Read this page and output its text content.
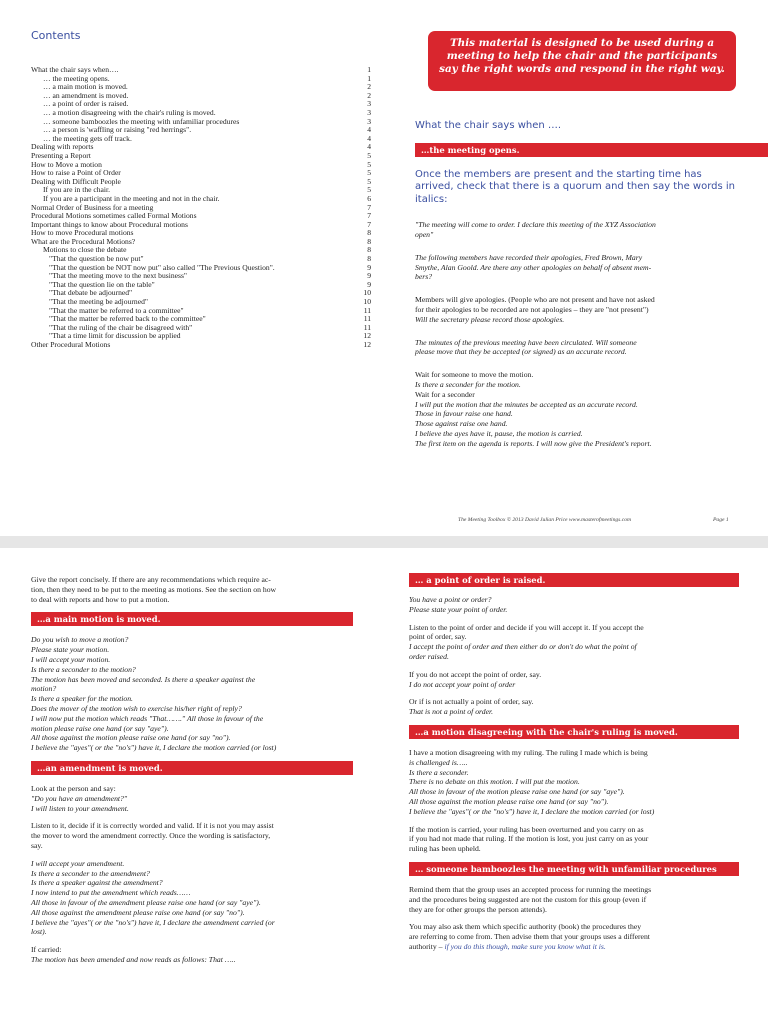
Contents
What the chair says when….	1
… the meeting opens.	1
… a main motion is moved.	2
… an amendment is moved.	2
… a point of order is raised.	3
… a motion disagreeing with the chair's ruling is moved.	3
… someone bamboozles the meeting with unfamiliar procedures	3
… a person is 'waffling or raising "red herrings".	4
… the meeting gets off track.	4
Dealing with reports	4
Presenting a Report	5
How to Move a motion	5
How to raise a Point of Order	5
Dealing with Difficult People	5
If you are in the chair.	5
If you are a participant in the meeting and not in the chair.	6
Normal Order of Business for a meeting	7
Procedural Motions sometimes called Formal Motions	7
Important things to know about Procedural motions	7
How to move Procedural motions	8
What are the Procedural Motions?	8
Motions to close the debate	8
"That the question be now put"	8
"That the question be NOT now put" also called "The Previous Question".	9
"That the meeting move to the next business"	9
"That the question lie on the table"	9
"That debate be adjourned"	10
"That the meeting be adjourned"	10
"That the matter be referred to a committee"	11
"That the matter be referred back to the committee"	11
"That the ruling of the chair be disagreed with"	11
"That a time limit for discussion be applied	12
Other Procedural Motions	12
This material is designed to be used during a meeting to help the chair and the participants say the right words and respond in the right way.
What the chair says when ….
…the meeting opens.
Once the members are present and the starting time has arrived, check that there is a quorum and then say the words in italics:

"The meeting will come to order. I declare this meeting of the XYZ Association
open"

The following members have recorded their apologies, Fred Brown, Mary
Smythe, Alan Goold. Are there any other apologies on behalf of absent mem-
bers?

Members will give apologies. (People who are not present and have not asked
for their apologies to be recorded are not apologies – they are "not present")
Will the secretary please record those apologies.

The minutes of the previous meeting have been circulated. Will someone
please move that they be accepted (or signed) as an accurate record.

Wait for someone to move the motion.
Is there a seconder for the motion.
Wait for a seconder
I will put the motion that the minutes be accepted as an accurate record.
Those in favour raise one hand.
Those against raise one hand.
I believe the ayes have it, pause, the motion is carried.
The first item on the agenda is reports. I will now give the President's report.

The Meeting Toolbox © 2013 David Julian Price www.masterofmeetings.com	Page 1

Give the report concisely. If there are any recommendations which require ac-
tion, then they need to be put to the meeting as motions. See the section on how
to deal with reports and how to put a motion.

…a main motion is moved.

Do you wish to move a motion?
Please state your motion.
I will accept your motion.
Is there a seconder to the motion?
The motion has been moved and seconded. Is there a speaker against the
motion?
Is there a speaker for the motion.
Does the mover of the motion wish to exercise his/her right of reply?
I will now put the motion which reads "That……." All those in favour of the
motion please raise one hand (or say "aye").
All those against the motion please raise one hand (or say "no").
I believe the "ayes"( or the "no's") have it, I declare the motion carried (or lost)

…an amendment is moved.

Look at the person and say:
"Do you have an amendment?"
I will listen to your amendment.

Listen to it, decide if it is correctly worded and valid. If it is not you may assist
the mover to word the amendment correctly. Once the wording is satisfactory,
say.

I will accept your amendment.
Is there a seconder to the amendment?
Is there a speaker against the amendment?
I now intend to put the amendment which reads……
All those in favour of the amendment please raise one hand (or say "aye").
All those against the amendment please raise one hand (or say "no").
I believe the "ayes"( or the "no's") have it, I declare the amendment carried (or
lost).

If carried:
The motion has been amended and now reads as follows: That …..

… a point of order is raised.

You have a point or order?
Please state your point of order.

Listen to the point of order and decide if you will accept it. If you accept the
point of order, say.
I accept the point of order and then either do or don't do what the point of
order raised.

If you do not accept the point of order, say.
I do not accept your point of order

Or if is not actually a point of order, say.
That is not a point of order.

…a motion disagreeing with the chair's ruling is moved.

I have a motion disagreeing with my ruling. The ruling I made which is being
is challenged is…..
Is there a seconder.
There is no debate on this motion. I will put the motion.
All those in favour of the motion please raise one hand (or say "aye").
All those against the motion please raise one hand (or say "no").
I believe the "ayes"( or the "no's") have it, I declare the motion carried (or lost)

If the motion is carried, your ruling has been overturned and you carry on as
if you had not made that ruling. If the motion is lost, you just carry on as your
ruling has been upheld.

… someone bamboozles the meeting with unfamiliar procedures

Remind them that the group uses an accepted process for running the meetings
and the procedures being suggested are not the custom for this group (even if
they are for other groups the person attends).

You may also ask them which specific authority (book) the procedures they
are referring to come from. Then advise them that your groups uses a different
authority – if you do this though, make sure you know what it is.
